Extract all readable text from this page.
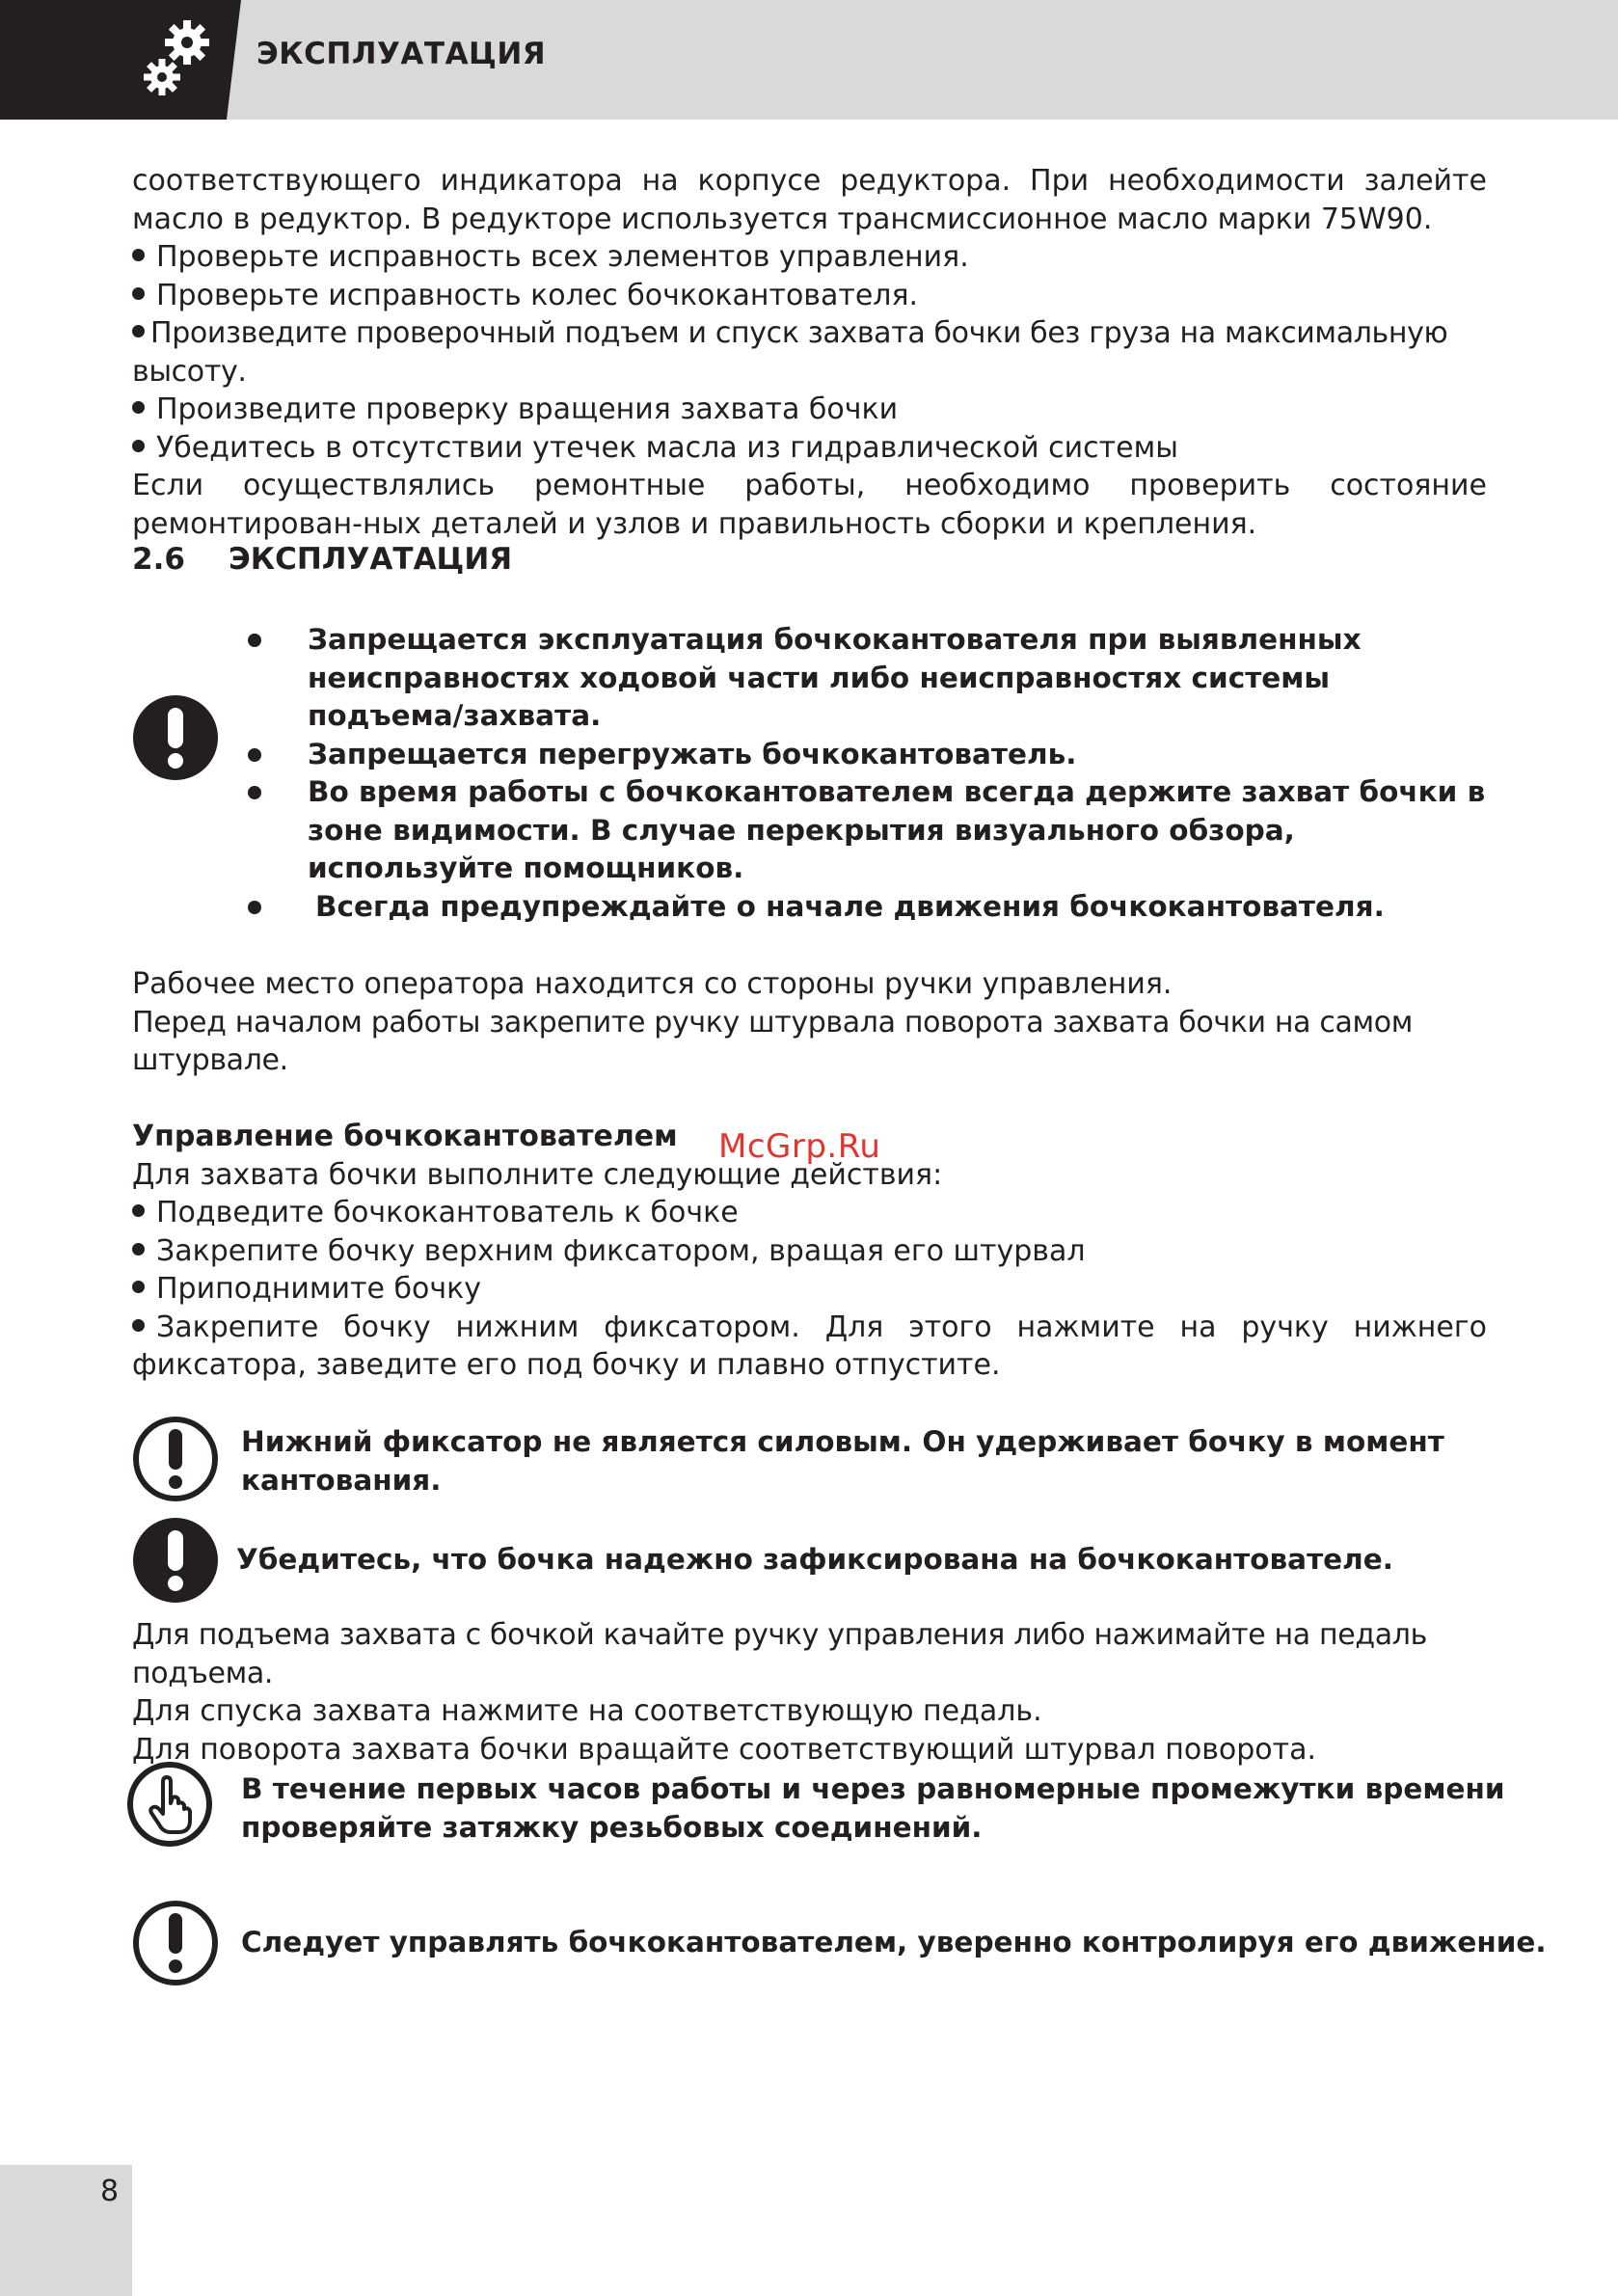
ЭКСПЛУАТАЦИЯ

соответствующего индикатора на корпусе редуктора. При необходимости залейте масло в редуктор. В редукторе используется трансмиссионное масло марки 75W90.

Проверьте исправность всех элементов управления.
Проверьте исправность колес бочкокантователя.
Произведите проверочный подъем и спуск захвата бочки без груза на максимальную высоту.
Произведите проверку вращения захвата бочки
Убедитесь в отсутствии утечек масла из гидравлической системы

Если осуществлялись ремонтные работы, необходимо проверить состояние ремонтирован-ных деталей и узлов и правильность сборки и крепления.

2.6 ЭКСПЛУАТАЦИЯ
Запрещается эксплуатация бочкокантователя при выявленных неисправностях ходовой части либо неисправностях системы подъема/захвата.
Запрещается перегружать бочкокантователь.
Во время работы с бочкокантователем всегда держите захват бочки в зоне видимости. В случае перекрытия визуального обзора, используйте помощников.
Всегда предупреждайте о начале движения бочкокантователя.
Рабочее место оператора находится со стороны ручки управления.
Перед началом работы закрепите ручку штурвала поворота захвата бочки на самом штурвале.
Управление бочкокантователем
Для захвата бочки выполните следующие действия:
Подведите бочкокантователь к бочке
Закрепите бочку верхним фиксатором, вращая его штурвал
Приподнимите бочку

Закрепите бочку нижним фиксатором. Для этого нажмите на ручку нижнего фиксатора, заведите его под бочку и плавно отпустите.

McGrp.Ru
Нижний фиксатор не является силовым. Он удерживает бочку в момент
кантования.
Убедитесь, что бочка надежно зафиксирована на бочкокантователе.
Для подъема захвата с бочкой качайте ручку управления либо нажимайте на педаль подъема.
Для спуска захвата нажмите на соответствующую педаль.
Для поворота захвата бочки вращайте соответствующий штурвал поворота.
В течение первых часов работы и через равномерные промежутки времени
проверяйте затяжку резьбовых соединений.
Следует управлять бочкокантователем, уверенно контролируя его движение.
8
